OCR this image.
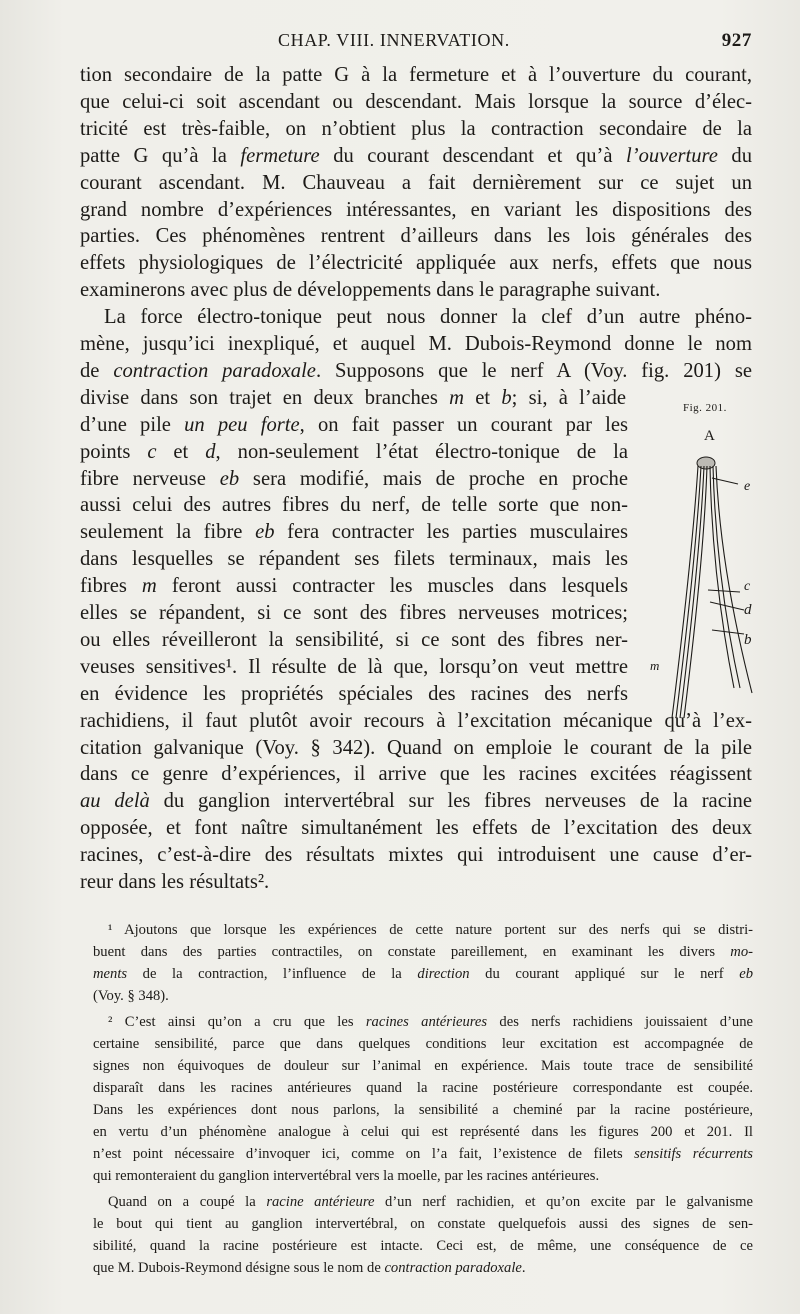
CHAP. VIII. INNERVATION.	927
tion secondaire de la patte G à la fermeture et à l’ouverture du courant,
que celui-ci soit ascendant ou descendant. Mais lorsque la source d’élec-
tricité est très-faible, on n’obtient plus la contraction secondaire de la
patte G qu’à la fermeture du courant descendant et qu’à l’ouverture du
courant ascendant. M. Chauveau a fait dernièrement sur ce sujet un
grand nombre d’expériences intéressantes, en variant les dispositions des
parties. Ces phénomènes rentrent d’ailleurs dans les lois générales des
effets physiologiques de l’électricité appliquée aux nerfs, effets que nous
examinerons avec plus de développements dans le paragraphe suivant.
La force électro-tonique peut nous donner la clef d’un autre phéno-
mène, jusqu’ici inexpliqué, et auquel M. Dubois-Reymond donne le nom
de contraction paradoxale. Supposons que le nerf A (Voy. fig. 201) se
divise dans son trajet en deux branches m et b; si, à l’aide
d’une pile un peu forte, on fait passer un courant par les
points c et d, non-seulement l’état électro-tonique de la
fibre nerveuse eb sera modifié, mais de proche en proche
aussi celui des autres fibres du nerf, de telle sorte que non-
seulement la fibre eb fera contracter les parties musculaires
dans lesquelles se répandent ses filets terminaux, mais les
fibres m feront aussi contracter les muscles dans lesquels
elles se répandent, si ce sont des fibres nerveuses motrices;
ou elles réveilleront la sensibilité, si ce sont des fibres ner-
veuses sensitives¹. Il résulte de là que, lorsqu’on veut mettre
en évidence les propriétés spéciales des racines des nerfs
rachidiens, il faut plutôt avoir recours à l’excitation mécanique qu’à l’ex-
citation galvanique (Voy. § 342). Quand on emploie le courant de la pile
dans ce genre d’expériences, il arrive que les racines excitées réagissent
au delà du ganglion intervertébral sur les fibres nerveuses de la racine
opposée, et font naître simultanément les effets de l’excitation des deux
racines, c’est-à-dire des résultats mixtes qui introduisent une cause d’er-
reur dans les résultats².
Fig. 201.
A
e
c
d
b
m
¹ Ajoutons que lorsque les expériences de cette nature portent sur des nerfs qui se distri-
buent dans des parties contractiles, on constate pareillement, en examinant les divers mo-
ments de la contraction, l’influence de la direction du courant appliqué sur le nerf eb
(Voy. § 348).
² C’est ainsi qu’on a cru que les racines antérieures des nerfs rachidiens jouissaient d’une
certaine sensibilité, parce que dans quelques conditions leur excitation est accompagnée de
signes non équivoques de douleur sur l’animal en expérience. Mais toute trace de sensibilité
disparaît dans les racines antérieures quand la racine postérieure correspondante est coupée.
Dans les expériences dont nous parlons, la sensibilité a cheminé par la racine postérieure,
en vertu d’un phénomène analogue à celui qui est représenté dans les figures 200 et 201. Il
n’est point nécessaire d’invoquer ici, comme on l’a fait, l’existence de filets sensitifs récurrents
qui remonteraient du ganglion intervertébral vers la moelle, par les racines antérieures.
Quand on a coupé la racine antérieure d’un nerf rachidien, et qu’on excite par le galvanisme
le bout qui tient au ganglion intervertébral, on constate quelquefois aussi des signes de sen-
sibilité, quand la racine postérieure est intacte. Ceci est, de même, une conséquence de ce
que M. Dubois-Reymond désigne sous le nom de contraction paradoxale.
